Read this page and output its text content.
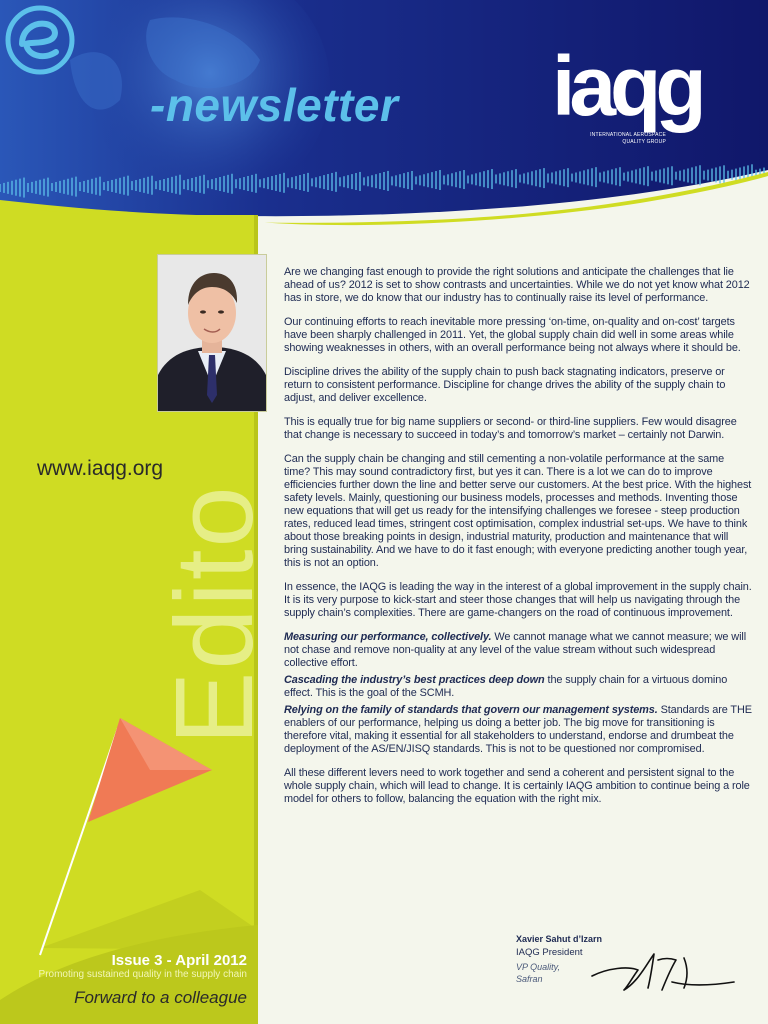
-newsletter iaqg
INTERNATIONAL AEROSPACE
QUALITY GROUP
Edito
www.iaqg.org
Issue 3 - April 2012
Promoting sustained quality in the supply chain
Forward to a colleague

Are we changing fast enough to provide the right solutions and anticipate the challenges that lie ahead of us? 2012 is set to show contrasts and uncertainties. While we do not yet know what 2012 has in store, we do know that our industry has to continually raise its level of performance.

Our continuing efforts to reach inevitable more pressing ‘on-time, on-quality and on-cost’ targets have been sharply challenged in 2011. Yet, the global supply chain did well in some areas while showing weaknesses in others, with an overall performance being not always where it should be.

Discipline drives the ability of the supply chain to push back stagnating indicators, preserve or return to consistent performance. Discipline for change drives the ability of the supply chain to adjust, and deliver excellence.

This is equally true for big name suppliers or second- or third-line suppliers. Few would disagree that change is necessary to succeed in today’s and tomorrow’s market – certainly not Darwin.

Can the supply chain be changing and still cementing a non-volatile performance at the same time? This may sound contradictory first, but yes it can. There is a lot we can do to improve efficiencies further down the line and better serve our customers. At the best price. With the highest safety levels. Mainly, questioning our business models, processes and methods. Inventing those new equations that will get us ready for the intensifying challenges we foresee - steep production rates, reduced lead times, stringent cost optimisation, complex industrial set-ups. We have to think about those breaking points in design, industrial maturity, production and maintenance that will bring sustainability. And we have to do it fast enough; with everyone predicting another tough year, this is not an option.

In essence, the IAQG is leading the way in the interest of a global improvement in the supply chain. It is its very purpose to kick-start and steer those changes that will help us navigating through the supply chain’s complexities. There are game-changers on the road of continuous improvement.

Measuring our performance, collectively. We cannot manage what we cannot measure; we will not chase and remove non-quality at any level of the value stream without such widespread collective effort.

Cascading the industry’s best practices deep down the supply chain for a virtuous domino effect. This is the goal of the SCMH.

Relying on the family of standards that govern our management systems. Standards are THE enablers of our performance, helping us doing a better job. The big move for transitioning is therefore vital, making it essential for all stakeholders to understand, endorse and drumbeat the deployment of the AS/EN/JISQ standards. This is not to be questioned nor compromised.

All these different levers need to work together and send a coherent and persistent signal to the whole supply chain, which will lead to change. It is certainly IAQG ambition to continue being a role model for others to follow, balancing the equation with the right mix.

Xavier Sahut d’Izarn
IAQG President
VP Quality,
Safran
